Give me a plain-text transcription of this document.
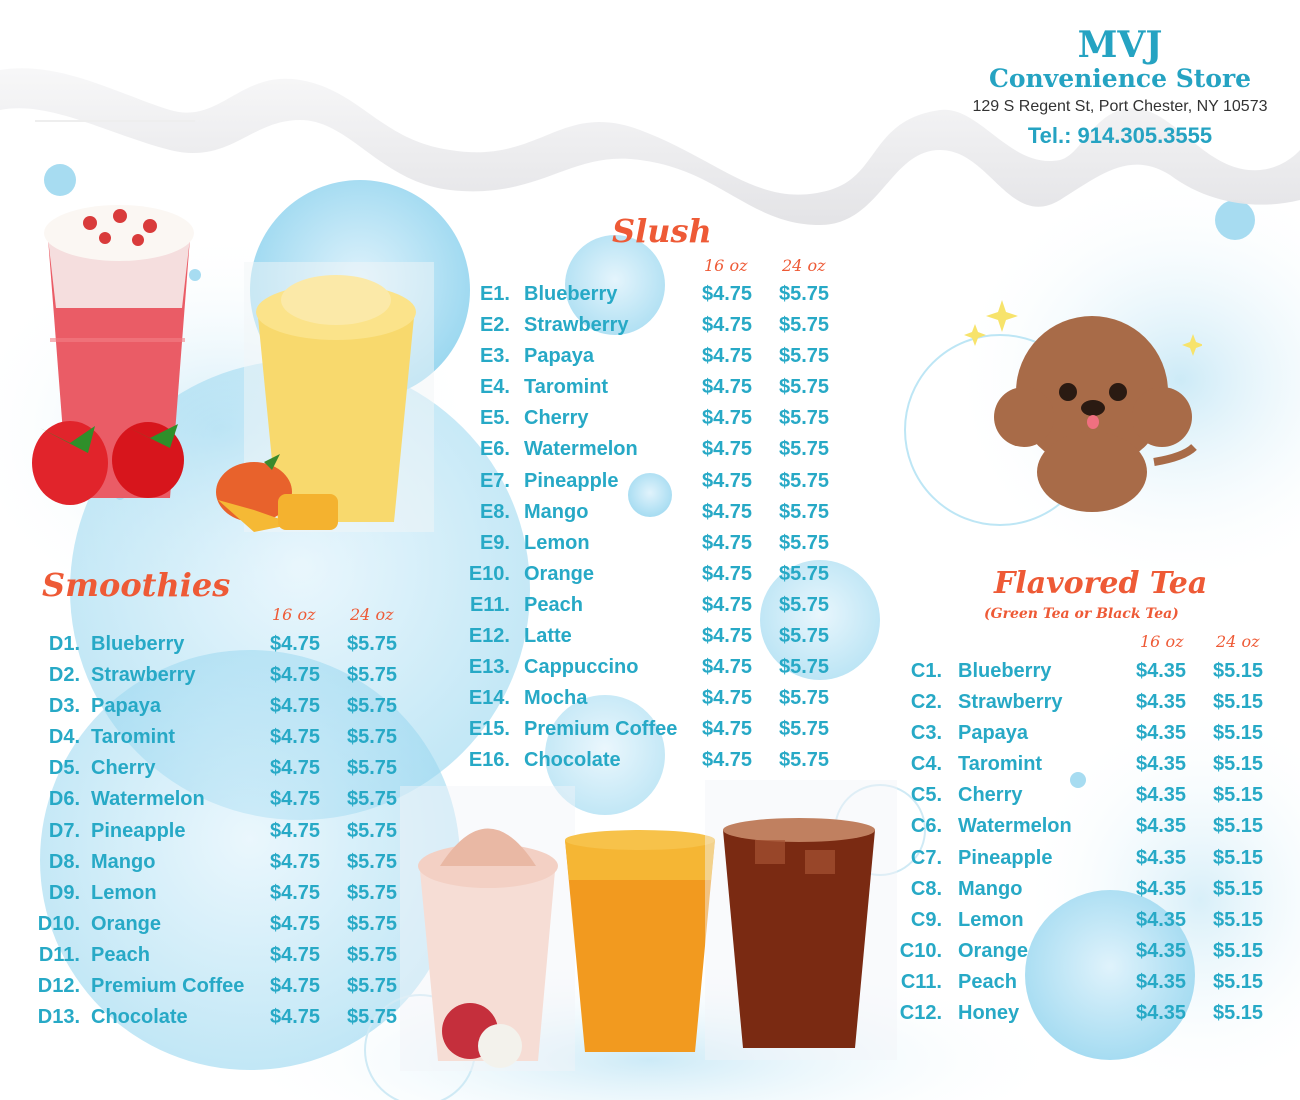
MVJ
Convenience Store
129 S Regent St, Port Chester, NY 10573
Tel.: 914.305.3555
Slush
16 oz 24 oz
E1. Blueberry	$4.75 $5.75
E2. Strawberry	$4.75 $5.75
E3. Papaya	$4.75 $5.75
E4. Taromint	$4.75 $5.75
E5. Cherry	$4.75 $5.75
E6. Watermelon	$4.75 $5.75
E7. Pineapple	$4.75 $5.75
E8. Mango	$4.75 $5.75
E9. Lemon	$4.75 $5.75
E10. Orange	$4.75 $5.75
E11. Peach	$4.75 $5.75
E12. Latte	$4.75 $5.75
E13. Cappuccino	$4.75 $5.75
E14. Mocha	$4.75 $5.75
E15. Premium Coffee $4.75 $5.75
E16. Chocolate	$4.75 $5.75
Smoothies
16 oz 24 oz
D1. Blueberry	$4.75 $5.75
D2. Strawberry	$4.75 $5.75
D3. Papaya	$4.75 $5.75
D4. Taromint	$4.75 $5.75
D5. Cherry	$4.75 $5.75
D6. Watermelon	$4.75 $5.75
D7. Pineapple	$4.75 $5.75
D8. Mango	$4.75 $5.75
D9. Lemon	$4.75 $5.75
D10. Orange	$4.75 $5.75
D11. Peach	$4.75 $5.75
D12. Premium Coffee $4.75 $5.75
D13. Chocolate	$4.75 $5.75
Flavored Tea
(Green Tea or Black Tea)
16 oz 24 oz
C1. Blueberry	$4.35 $5.15
C2. Strawberry	$4.35 $5.15
C3. Papaya	$4.35 $5.15
C4. Taromint	$4.35 $5.15
C5. Cherry	$4.35 $5.15
C6. Watermelon	$4.35 $5.15
C7. Pineapple	$4.35 $5.15
C8. Mango	$4.35 $5.15
C9. Lemon	$4.35 $5.15
C10. Orange	$4.35 $5.15
C11. Peach	$4.35 $5.15
C12. Honey	$4.35 $5.15
